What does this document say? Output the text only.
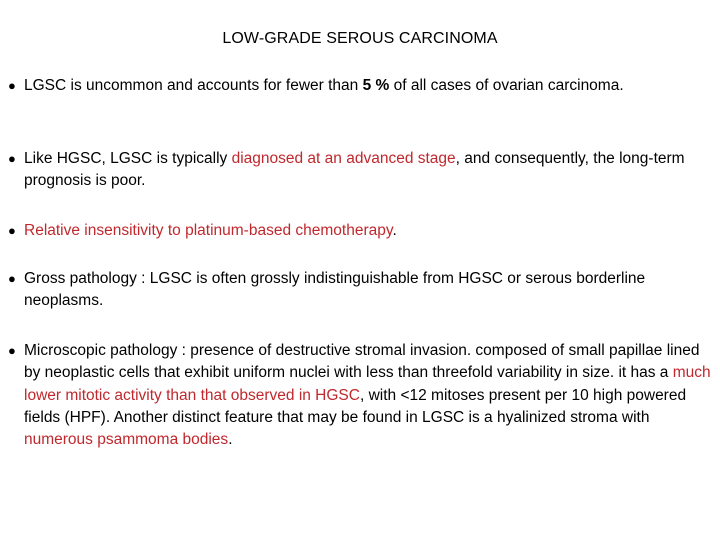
LOW-GRADE SEROUS CARCINOMA
● LGSC is uncommon and accounts for fewer than 5 % of all cases of ovarian carcinoma.
● Like HGSC, LGSC is typically diagnosed at an advanced stage, and consequently, the long-term prognosis is poor.
● Relative insensitivity to platinum-based chemotherapy.
● Gross pathology : LGSC is often grossly indistinguishable from HGSC or serous borderline neoplasms.
● Microscopic pathology : presence of destructive stromal invasion. composed of small papillae lined by neoplastic cells that exhibit uniform nuclei with less than threefold variability in size. it has a much lower mitotic activity than that observed in HGSC, with <12 mitoses present per 10 high powered fields (HPF). Another distinct feature that may be found in LGSC is a hyalinized stroma with numerous psammoma bodies.
